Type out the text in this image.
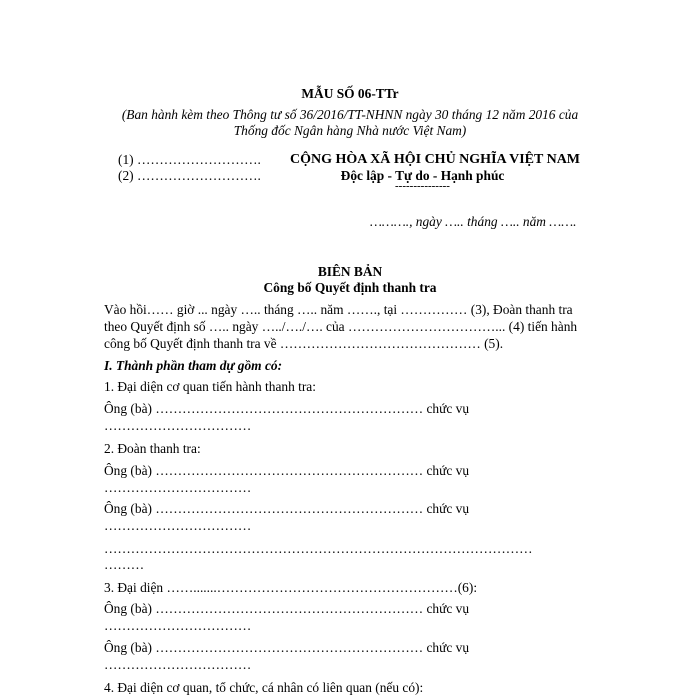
MẪU SỐ 06-TTr
(Ban hành kèm theo Thông tư số 36/2016/TT-NHNN ngày 30 tháng 12 năm 2016 của
Thống đốc Ngân hàng Nhà nước Việt Nam)
(1) ……………………….
(2) ……………………….
CỘNG HÒA XÃ HỘI CHỦ NGHĨA VIỆT NAM
Độc lập - Tự do - Hạnh phúc
---------------
………., ngày ….. tháng ….. năm …….
BIÊN BẢN
Công bố Quyết định thanh tra
Vào hồi…… giờ ... ngày ….. tháng ….. năm ……., tại …………… (3), Đoàn thanh tra
theo Quyết định số ….. ngày …../…./…. của ……………………………... (4) tiến hành
công bố Quyết định thanh tra về ……………………………………… (5).
I. Thành phần tham dự gồm có:
1. Đại diện cơ quan tiến hành thanh tra:
Ông (bà) …………………………………………………… chức vụ
……………………………
2. Đoàn thanh tra:
Ông (bà) …………………………………………………… chức vụ
……………………………
Ông (bà) …………………………………………………… chức vụ
……………………………
……………………………………………………………………………………
………
3. Đại diện …….......………………………………………………(6):
Ông (bà) …………………………………………………… chức vụ
……………………………
Ông (bà) …………………………………………………… chức vụ
……………………………
4. Đại diện cơ quan, tổ chức, cá nhân có liên quan (nếu có):
